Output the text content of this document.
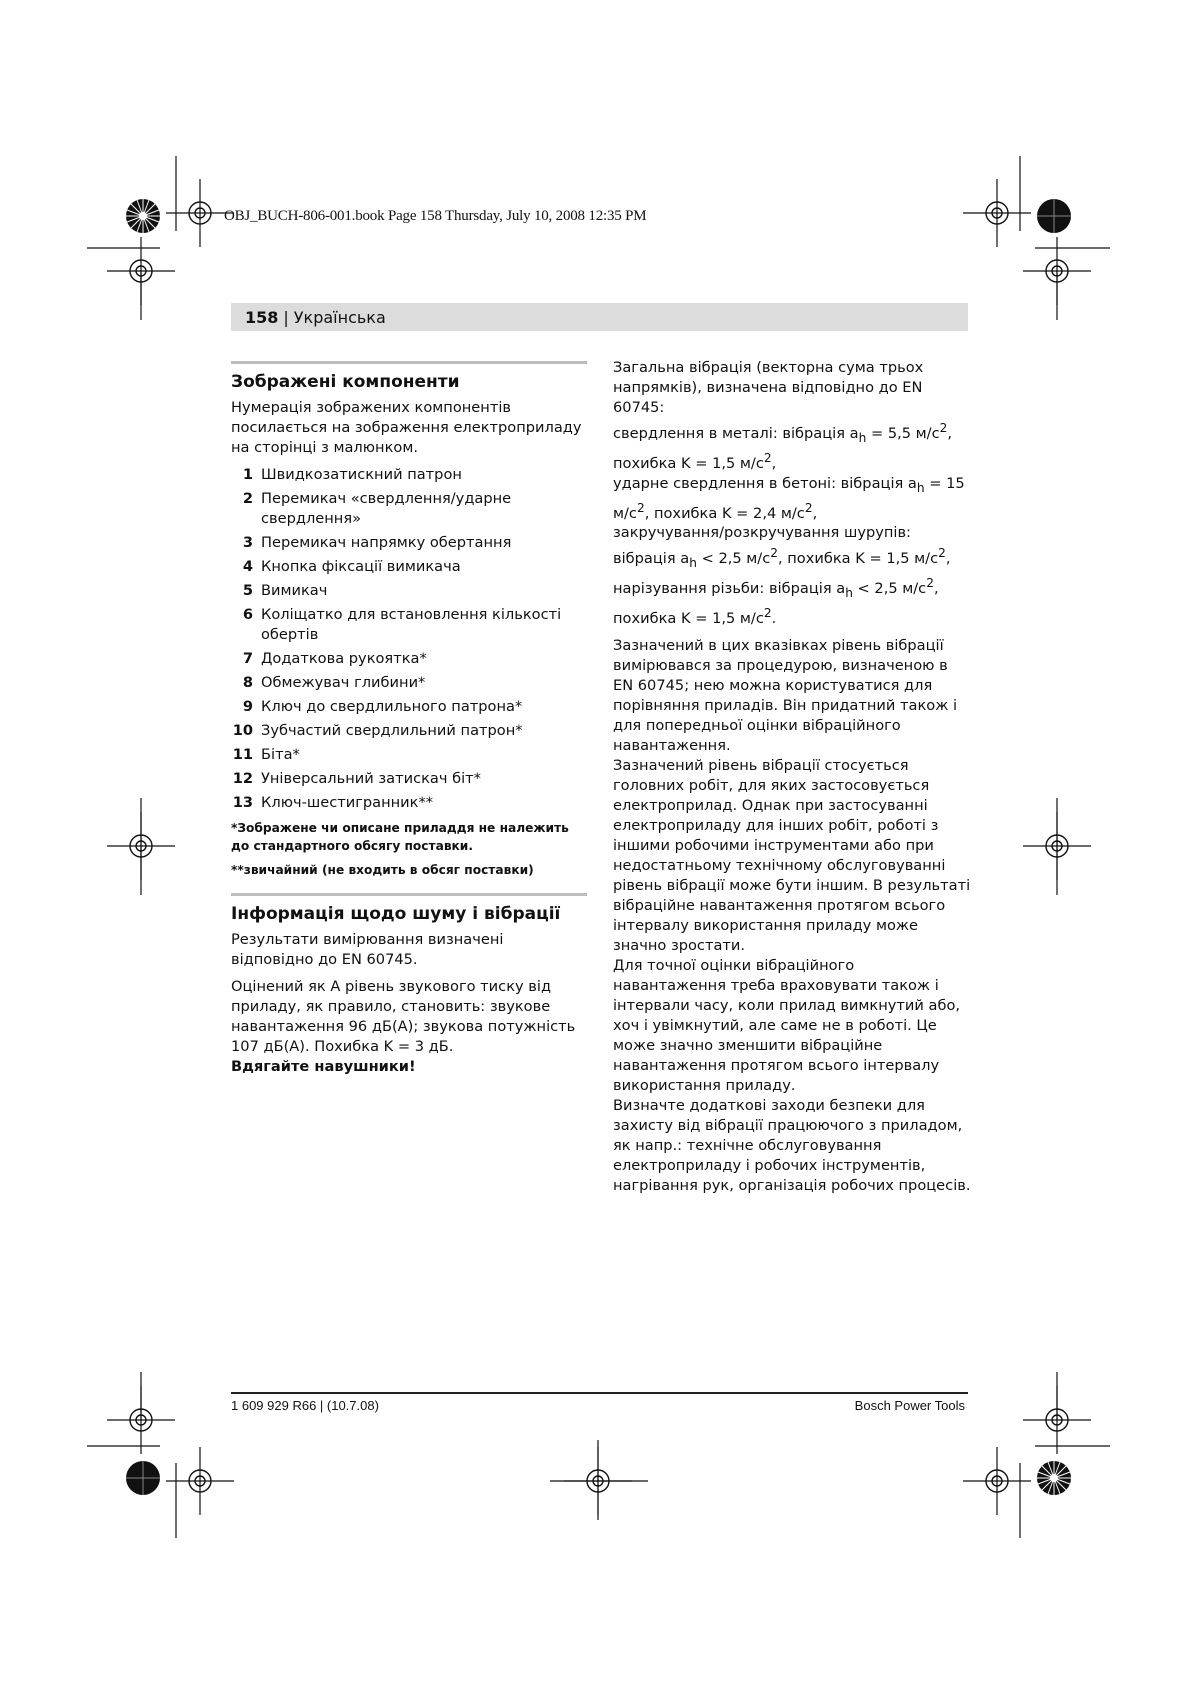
OBJ_BUCH-806-001.book Page 158 Thursday, July 10, 2008 12:35 PM
158 | Українська
Зображені компоненти
Нумерація зображених компонентів посилається на зображення електроприладу на сторінці з малюнком.
1 Швидкозатискний патрон
2 Перемикач «свердлення/ударне свердлення»
3 Перемикач напрямку обертання
4 Кнопка фіксації вимикача
5 Вимикач
6 Коліщатко для встановлення кількості обертів
7 Додаткова рукоятка*
8 Обмежувач глибини*
9 Ключ до свердлильного патрона*
10 Зубчастий свердлильний патрон*
11 Біта*
12 Універсальний затискач біт*
13 Ключ-шестигранник**
*Зображене чи описане приладдя не належить до стандартного обсягу поставки.
**звичайний (не входить в обсяг поставки)
Інформація щодо шуму і вібрації
Результати вимірювання визначені відповідно до EN 60745.
Оцінений як А рівень звукового тиску від приладу, як правило, становить: звукове навантаження 96 дБ(А); звукова потужність 107 дБ(А). Похибка K = 3 дБ.
Вдягайте навушники!
Загальна вібрація (векторна сума трьох напрямків), визначена відповідно до EN 60745:
свердлення в металі: вібрація $a_h = 5,5$ $м/с^2$, похибка K = 1,5 $м/с^2$,
ударне свердлення в бетоні: вібрація $a_h = 15$ $м/с^2$, похибка K = 2,4 $м/с^2$,
закручування/розкручування шурупів: вібрація $a_h < 2,5$ $м/с^2$, похибка K = 1,5 $м/с^2$,
нарізування різьби: вібрація $a_h < 2,5$ $м/с^2$, похибка K = 1,5 $м/с^2$.
Зазначений в цих вказівках рівень вібрації вимірювався за процедурою, визначеною в EN 60745; нею можна користуватися для порівняння приладів. Він придатний також і для попередньої оцінки вібраційного навантаження.
Зазначений рівень вібрації стосується головних робіт, для яких застосовується електроприлад. Однак при застосуванні електроприладу для інших робіт, роботі з іншими робочими інструментами або при недостатньому технічному обслуговуванні рівень вібрації може бути іншим. В результаті вібраційне навантаження протягом всього інтервалу використання приладу може значно зростати.
Для точної оцінки вібраційного навантаження треба враховувати також і інтервали часу, коли прилад вимкнутий або, хоч і увімкнутий, але саме не в роботі. Це може значно зменшити вібраційне навантаження протягом всього інтервалу використання приладу.
Визначте додаткові заходи безпеки для захисту від вібрації працюючого з приладом, як напр.: технічне обслуговування електроприладу і робочих інструментів, нагрівання рук, організація робочих процесів.
1 609 929 R66 | (10.7.08)	Bosch Power Tools
